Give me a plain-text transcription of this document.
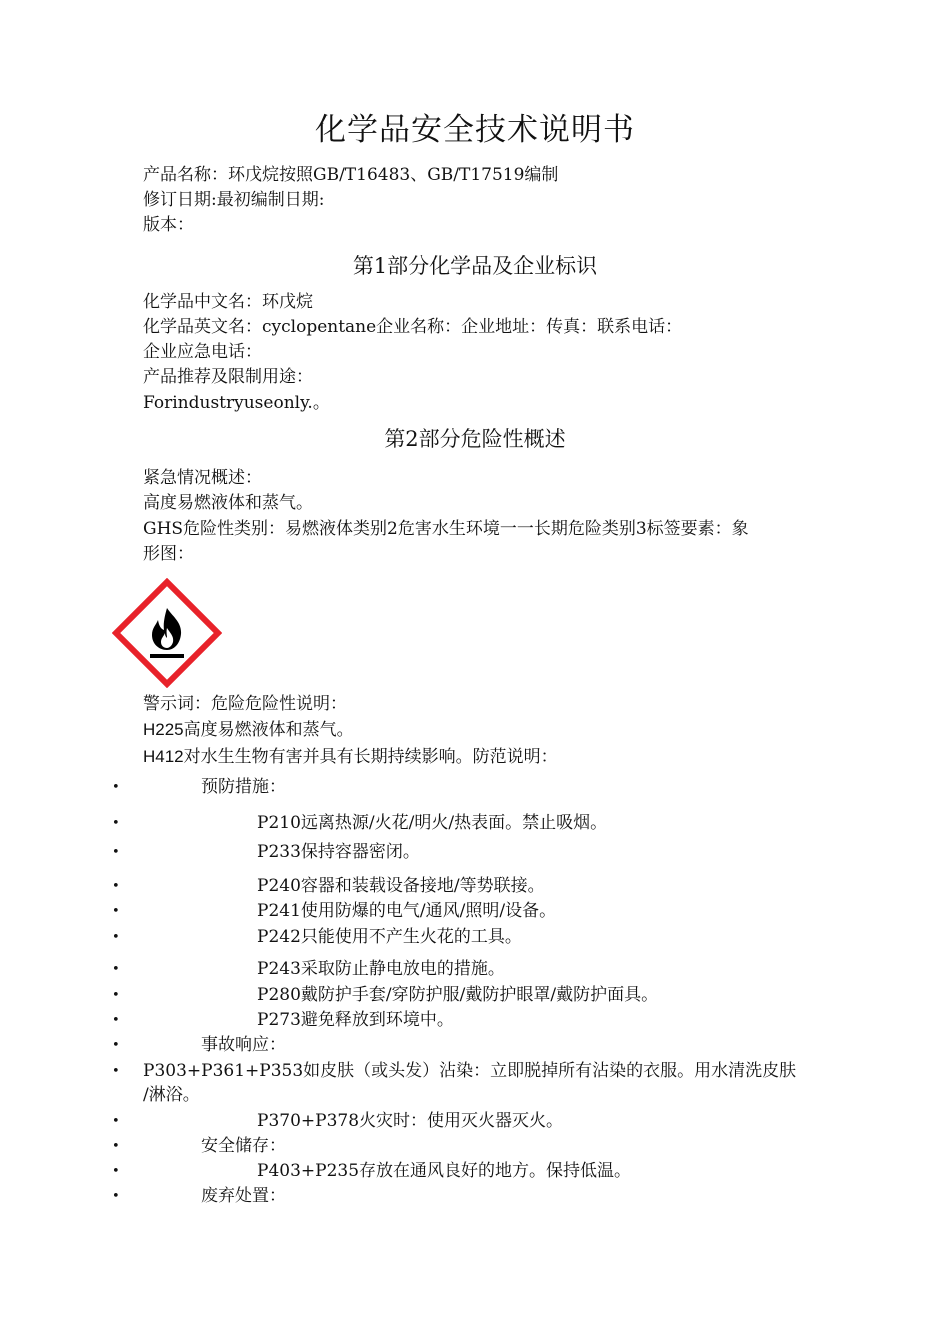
化学品安全技术说明书
产品名称：环戊烷按照GB/T16483、GB/T17519编制
修订日期:最初编制日期:
版本：
第1部分化学品及企业标识
化学品中文名：环戊烷
化学品英文名：cyclopentane企业名称：企业地址：传真：联系电话：
企业应急电话：
产品推荐及限制用途：
Forindustryuseonly.。
第2部分危险性概述
紧急情况概述：
高度易燃液体和蒸气。
GHS危险性类别：易燃液体类别2危害水生环境一一长期危险类别3标签要素：象
形图：
警示词：危险危险性说明：
H225高度易燃液体和蒸气。
H412对水生生物有害并具有长期持续影响。防范说明：
•	预防措施：
•	P210远离热源/火花/明火/热表面。禁止吸烟。
•	P233保持容器密闭。
•	P240容器和装载设备接地/等势联接。
•	P241使用防爆的电气/通风/照明/设备。
•	P242只能使用不产生火花的工具。
•	P243采取防止静电放电的措施。
•	P280戴防护手套/穿防护服/戴防护眼罩/戴防护面具。
•	P273避免释放到环境中。
•	事故响应：
• P303+P361+P353如皮肤（或头发）沾染：立即脱掉所有沾染的衣服。用水清洗皮肤
/淋浴。
•	P370+P378火灾时：使用灭火器灭火。
•	安全储存：
•	P403+P235存放在通风良好的地方。保持低温。
•	废弃处置：
